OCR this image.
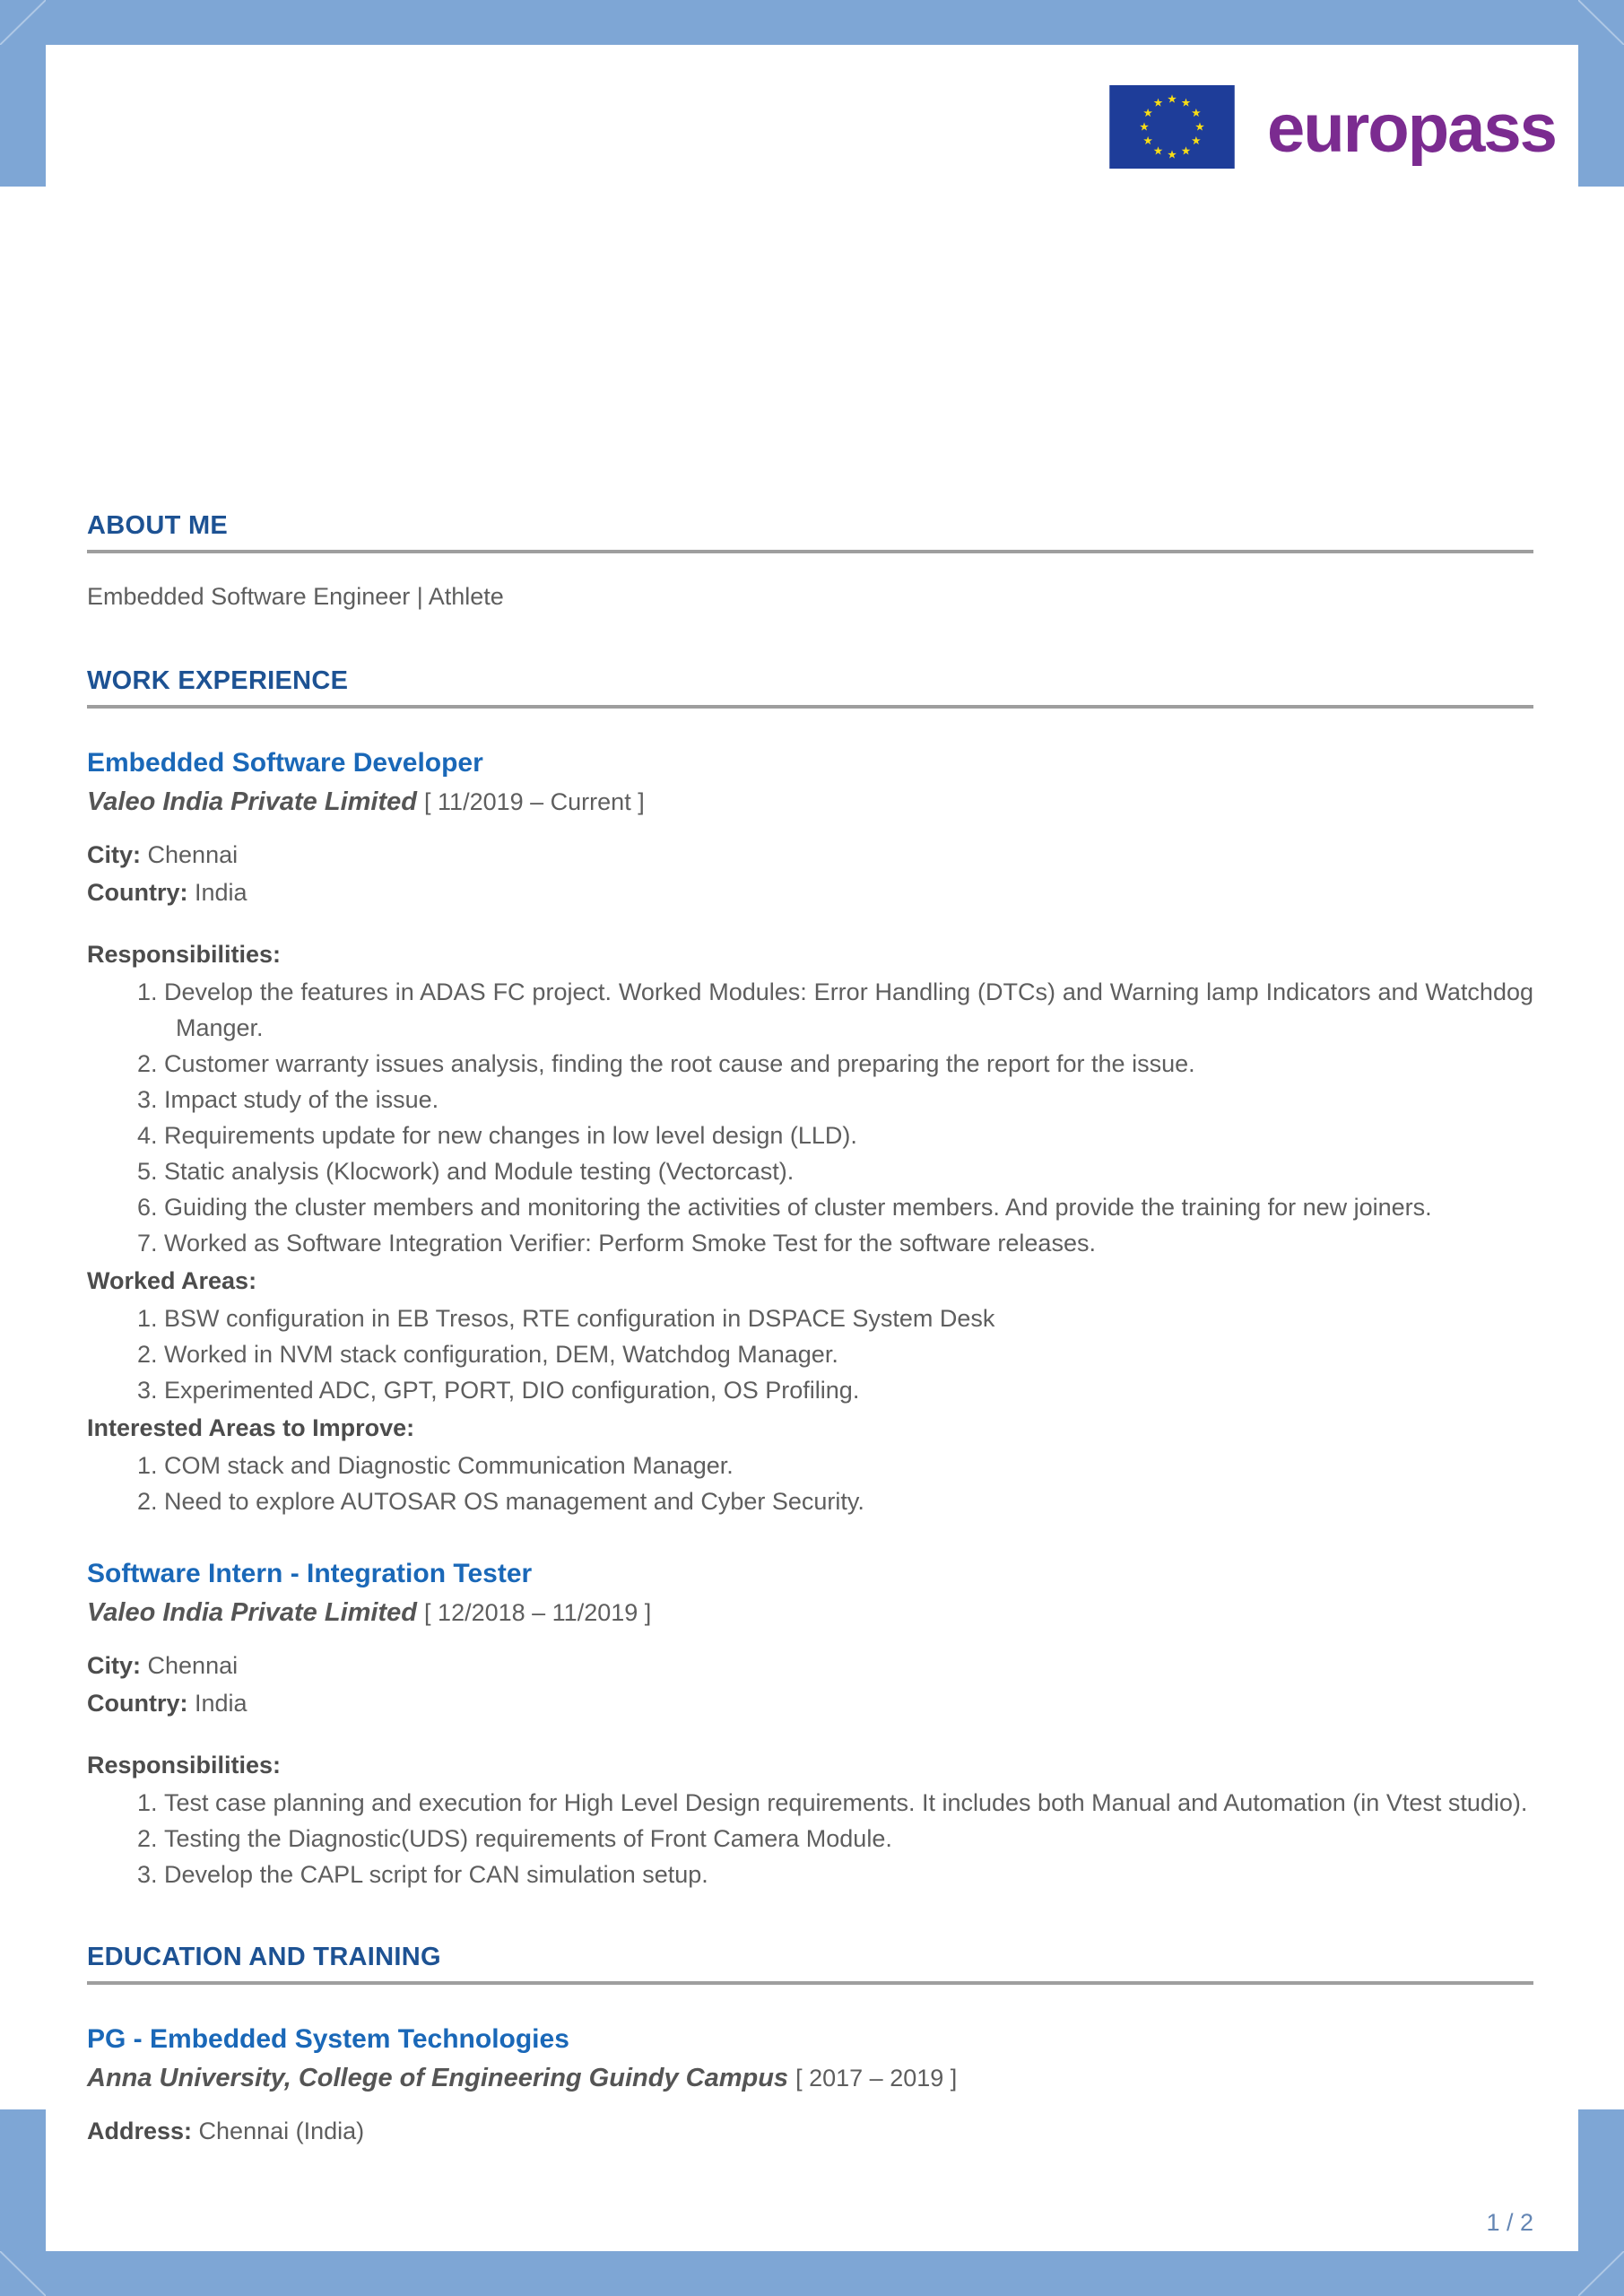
europass
ABOUT ME

Embedded Software Engineer | Athlete

WORK EXPERIENCE
Embedded Software Developer

Valeo India Private Limited [ 11/2019 – Current ]

City: Chennai

Country: India

Responsibilities:

1. Develop the features in ADAS FC project. Worked Modules: Error Handling (DTCs) and Warning lamp Indicators and Watchdog Manger.
2. Customer warranty issues analysis, finding the root cause and preparing the report for the issue.
3. Impact study of the issue.
4. Requirements update for new changes in low level design (LLD).
5. Static analysis (Klocwork) and Module testing (Vectorcast).
6. Guiding the cluster members and monitoring the activities of cluster members. And provide the training for new joiners.
7. Worked as Software Integration Verifier: Perform Smoke Test for the software releases.

Worked Areas:

1. BSW configuration in EB Tresos, RTE configuration in DSPACE System Desk
2. Worked in NVM stack configuration, DEM, Watchdog Manager.
3. Experimented ADC, GPT, PORT, DIO configuration, OS Profiling.

Interested Areas to Improve:

1. COM stack and Diagnostic Communication Manager.
2. Need to explore AUTOSAR OS management and Cyber Security.
Software Intern - Integration Tester

Valeo India Private Limited [ 12/2018 – 11/2019 ]

City: Chennai

Country: India

Responsibilities:

1. Test case planning and execution for High Level Design requirements. It includes both Manual and Automation (in Vtest studio).
2. Testing the Diagnostic(UDS) requirements of Front Camera Module.
3. Develop the CAPL script for CAN simulation setup.
EDUCATION AND TRAINING
PG - Embedded System Technologies

Anna University, College of Engineering Guindy Campus [ 2017 – 2019 ]

Address: Chennai (India)

1 / 2
